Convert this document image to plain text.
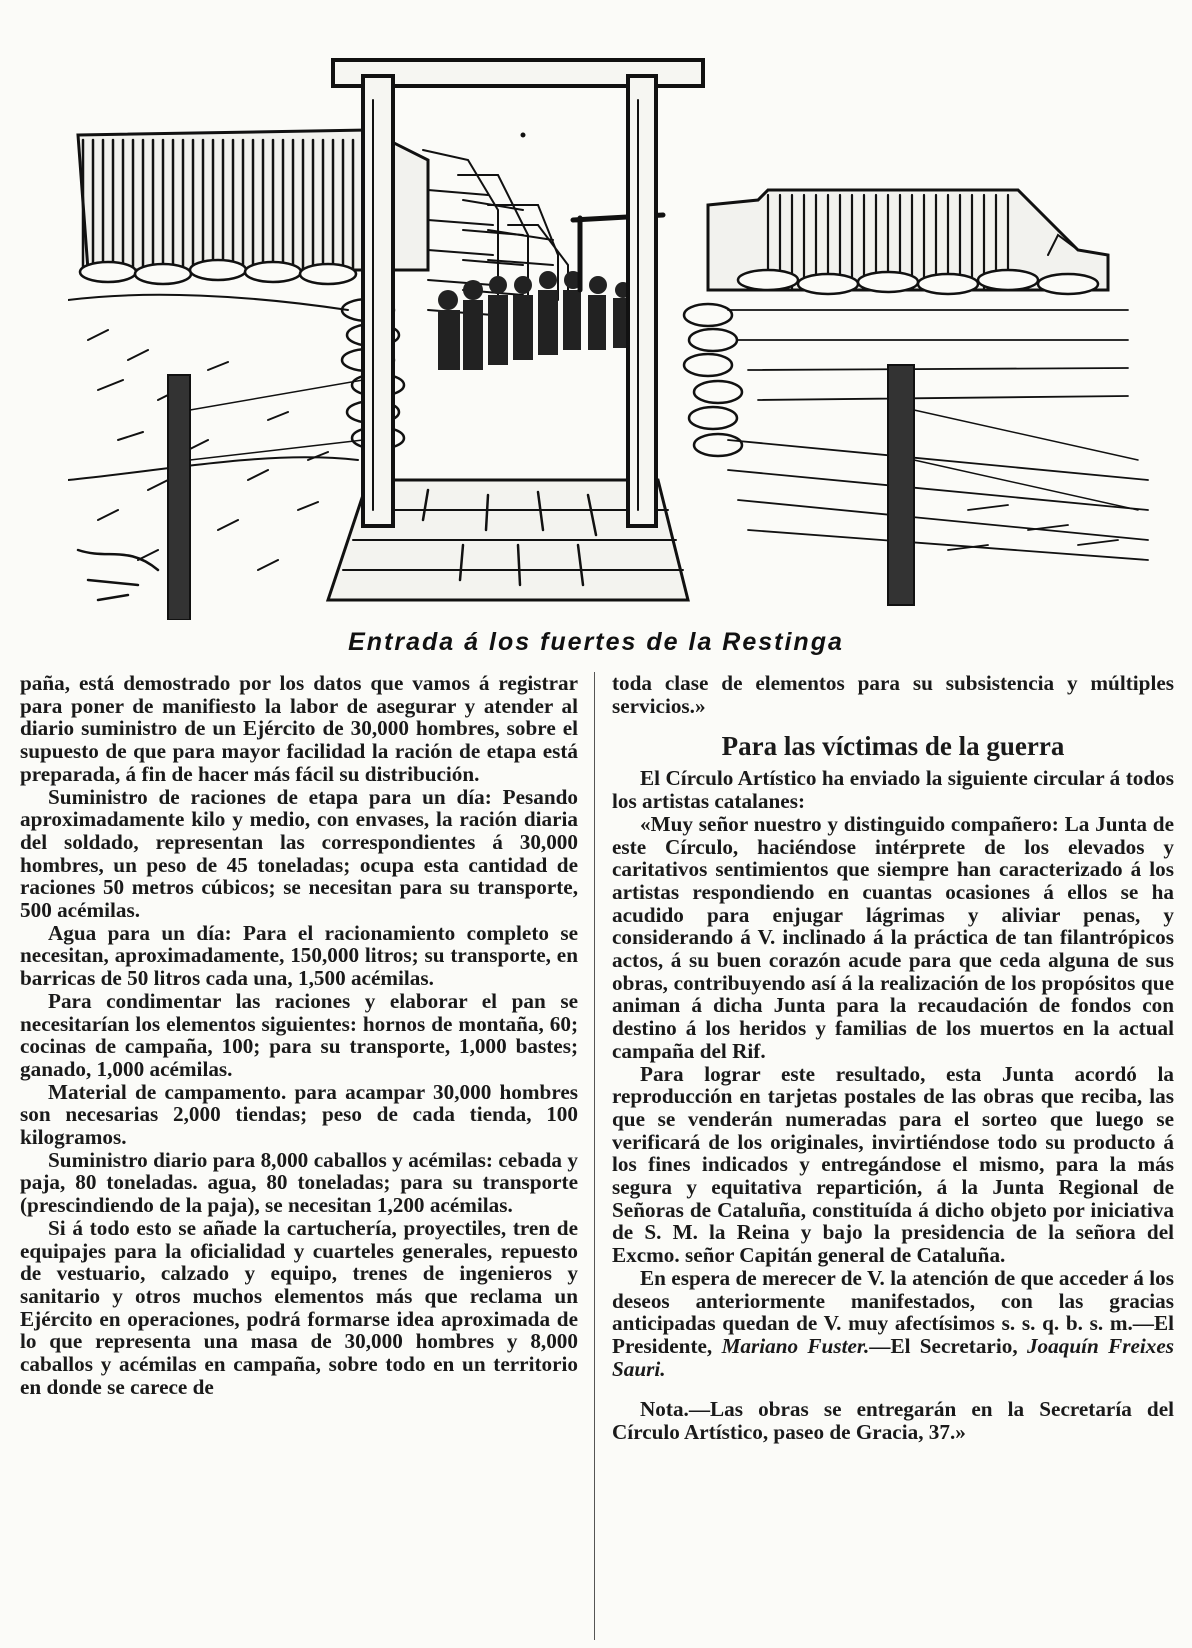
Entrada á los fuertes de la Restinga

paña, está demostrado por los datos que vamos á registrar para poner de manifiesto la labor de asegurar y atender al diario suministro de un Ejército de 30,000 hombres, sobre el supuesto de que para mayor facilidad la ración de etapa está preparada, á fin de hacer más fácil su distribución.

Suministro de raciones de etapa para un día: Pesando aproximadamente kilo y medio, con envases, la ración diaria del soldado, representan las correspondientes á 30,000 hombres, un peso de 45 toneladas; ocupa esta cantidad de raciones 50 metros cúbicos; se necesitan para su transporte, 500 acémilas.

Agua para un día: Para el racionamiento completo se necesitan, aproximadamente, 150,000 litros; su transporte, en barricas de 50 litros cada una, 1,500 acémilas.

Para condimentar las raciones y elaborar el pan se necesitarían los elementos siguientes: hornos de montaña, 60; cocinas de campaña, 100; para su transporte, 1,000 bastes; ganado, 1,000 acémilas.

Material de campamento. para acampar 30,000 hombres son necesarias 2,000 tiendas; peso de cada tienda, 100 kilogramos.

Suministro diario para 8,000 caballos y acémilas: cebada y paja, 80 toneladas. agua, 80 toneladas; para su transporte (prescindiendo de la paja), se necesitan 1,200 acémilas.

Si á todo esto se añade la cartuchería, proyectiles, tren de equipajes para la oficialidad y cuarteles generales, repuesto de vestuario, calzado y equipo, trenes de ingenieros y sanitario y otros muchos elementos más que reclama un Ejército en operaciones, podrá formarse idea aproximada de lo que representa una masa de 30,000 hombres y 8,000 caballos y acémilas en campaña, sobre todo en un territorio en donde se carece de

toda clase de elementos para su subsistencia y múltiples servicios.»

Para las víctimas de la guerra

El Círculo Artístico ha enviado la siguiente circular á todos los artistas catalanes:

«Muy señor nuestro y distinguido compañero: La Junta de este Círculo, haciéndose intérprete de los elevados y caritativos sentimientos que siempre han caracterizado á los artistas respondiendo en cuantas ocasiones á ellos se ha acudido para enjugar lágrimas y aliviar penas, y considerando á V. inclinado á la práctica de tan filantrópicos actos, á su buen corazón acude para que ceda alguna de sus obras, contribuyendo así á la realización de los propósitos que animan á dicha Junta para la recaudación de fondos con destino á los heridos y familias de los muertos en la actual campaña del Rif.

Para lograr este resultado, esta Junta acordó la reproducción en tarjetas postales de las obras que reciba, las que se venderán numeradas para el sorteo que luego se verificará de los originales, invirtiéndose todo su producto á los fines indicados y entregándose el mismo, para la más segura y equitativa repartición, á la Junta Regional de Señoras de Cataluña, constituída á dicho objeto por iniciativa de S. M. la Reina y bajo la presidencia de la señora del Excmo. señor Capitán general de Cataluña.

En espera de merecer de V. la atención de que acceder á los deseos anteriormente manifestados, con las gracias anticipadas quedan de V. muy afectísimos s. s. q. b. s. m.—El Presidente, Mariano Fuster.—El Secretario, Joaquín Freixes Sauri.

Nota.—Las obras se entregarán en la Secretaría del Círculo Artístico, paseo de Gracia, 37.»
